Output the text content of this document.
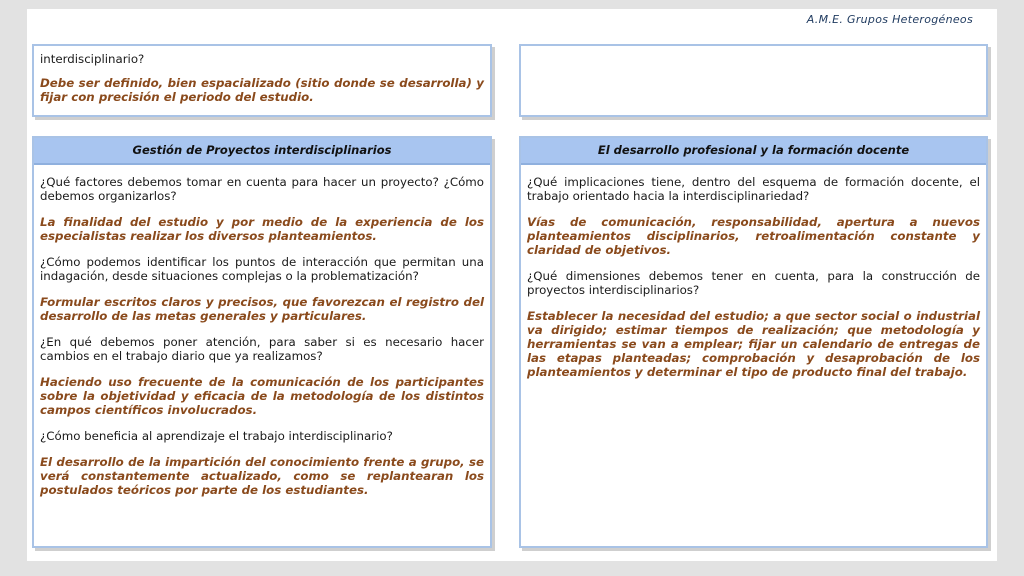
A.M.E. Grupos Heterogéneos

interdisciplinario?

Debe ser definido, bien espacializado (sitio donde se desarrolla) y fijar con precisión el periodo del estudio.

Gestión de Proyectos interdisciplinarios

¿Qué factores debemos tomar en cuenta para hacer un proyecto? ¿Cómo debemos organizarlos?

La finalidad del estudio y por medio de la experiencia de los especialistas realizar los diversos planteamientos.

¿Cómo podemos identificar los puntos de interacción que permitan una indagación, desde situaciones complejas o la problematización?

Formular escritos claros y precisos, que favorezcan el registro del desarrollo de las metas generales y particulares.

¿En qué debemos poner atención, para saber si es necesario hacer cambios en el trabajo diario que ya realizamos?

Haciendo uso frecuente de la comunicación de los participantes sobre la objetividad y eficacia de la metodología de los distintos campos científicos involucrados.

¿Cómo beneficia al aprendizaje el trabajo interdisciplinario?

El desarrollo de la impartición del conocimiento frente a grupo, se verá constantemente actualizado, como se replantearan los postulados teóricos por parte de los estudiantes.

El desarrollo profesional y la formación docente

¿Qué implicaciones tiene, dentro del esquema de formación docente, el trabajo orientado hacia la interdisciplinariedad?

Vías de comunicación, responsabilidad, apertura a nuevos planteamientos disciplinarios, retroalimentación constante y claridad de objetivos.

¿Qué dimensiones debemos tener en cuenta, para la construcción de proyectos interdisciplinarios?

Establecer la necesidad del estudio; a que sector social o industrial va dirigido; estimar tiempos de realización; que metodología y herramientas se van a emplear; fijar un calendario de entregas de las etapas planteadas; comprobación y desaprobación de los planteamientos y determinar el tipo de producto final del trabajo.
